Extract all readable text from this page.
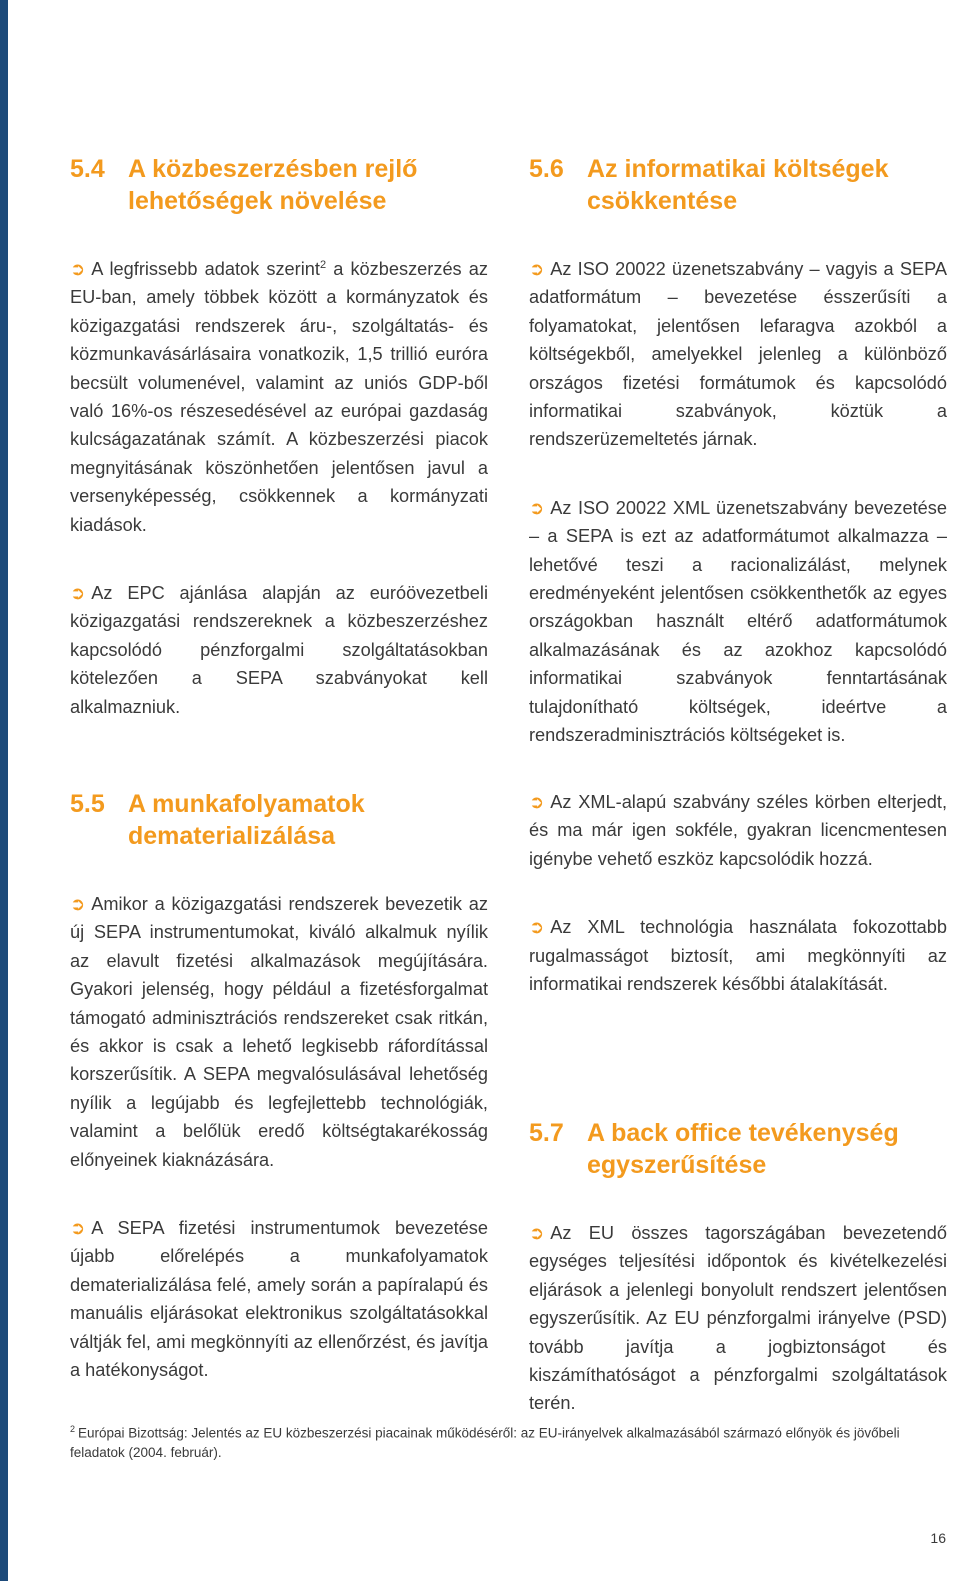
5.4 A közbeszerzésben rejlő lehetőségek növelése

➲ A legfrissebb adatok szerint$^2$ a közbeszerzés az EU-ban, amely többek között a kormányzatok és közigazgatási rendszerek áru-, szolgáltatás- és közmunkavásárlásaira vonatkozik, 1,5 trillió euróra becsült volumenével, valamint az uniós GDP-ből való 16%-os részesedésével az európai gazdaság kulcságazatának számít. A közbeszerzési piacok megnyitásának köszönhetően jelentősen javul a versenyképesség, csökkennek a kormányzati kiadások.

➲ Az EPC ajánlása alapján az euróövezetbeli közigazgatási rendszereknek a közbeszerzéshez kapcsolódó pénzforgalmi szolgáltatásokban kötelezően a SEPA szabványokat kell alkalmazniuk.

5.5 A munkafolyamatok dematerializálása

➲ Amikor a közigazgatási rendszerek bevezetik az új SEPA instrumentumokat, kiváló alkalmuk nyílik az elavult fizetési alkalmazások megújítására. Gyakori jelenség, hogy például a fizetésforgalmat támogató adminisztrációs rendszereket csak ritkán, és akkor is csak a lehető legkisebb ráfordítással korszerűsítik. A SEPA megvalósulásával lehetőség nyílik a legújabb és legfejlettebb technológiák, valamint a belőlük eredő költségtakarékosság előnyeinek kiaknázására.

➲ A SEPA fizetési instrumentumok bevezetése újabb előrelépés a munkafolyamatok dematerializálása felé, amely során a papíralapú és manuális eljárásokat elektronikus szolgáltatásokkal váltják fel, ami megkönnyíti az ellenőrzést, és javítja a hatékonyságot.

5.6 Az informatikai költségek csökkentése

➲ Az ISO 20022 üzenetszabvány – vagyis a SEPA adatformátum – bevezetése ésszerűsíti a folyamatokat, jelentősen lefaragva azokból a költségekből, amelyekkel jelenleg a különböző országos fizetési formátumok és kapcsolódó informatikai szabványok, köztük a rendszerüzemeltetés járnak.

➲ Az ISO 20022 XML üzenetszabvány bevezetése – a SEPA is ezt az adatformátumot alkalmazza – lehetővé teszi a racionalizálást, melynek eredményeként jelentősen csökkenthetők az egyes országokban használt eltérő adatformátumok alkalmazásának és az azokhoz kapcsolódó informatikai szabványok fenntartásának tulajdonítható költségek, ideértve a rendszeradminisztrációs költségeket is.

➲ Az XML-alapú szabvány széles körben elterjedt, és ma már igen sokféle, gyakran licencmentesen igénybe vehető eszköz kapcsolódik hozzá.

➲ Az XML technológia használata fokozottabb rugalmasságot biztosít, ami megkönnyíti az informatikai rendszerek későbbi átalakítását.

5.7 A back office tevékenység egyszerűsítése

➲ Az EU összes tagországában bevezetendő egységes teljesítési időpontok és kivételkezelési eljárások a jelenlegi bonyolult rendszert jelentősen egyszerűsítik. Az EU pénzforgalmi irányelve (PSD) tovább javítja a jogbiztonságot és kiszámíthatóságot a pénzforgalmi szolgáltatások terén.

$^2$ Európai Bizottság: Jelentés az EU közbeszerzési piacainak működéséről: az EU-irányelvek alkalmazásából származó előnyök és jövőbeli feladatok (2004. február).
16
